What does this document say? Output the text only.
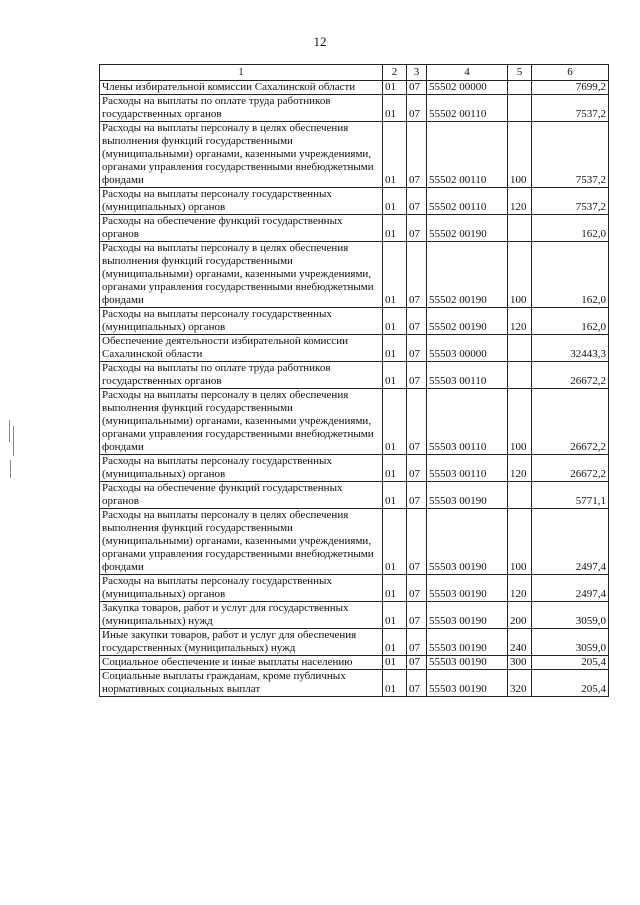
12
1	2	3	4	5	6
Члены избирательной комиссии Сахалинской области	01	07	55502 00000		7699,2
Расходы на выплаты по оплате труда работников государственных органов	01	07	55502 00110		7537,2
Расходы на выплаты персоналу в целях обеспечения выполнения функций государственными (муниципальными) органами, казенными учреждениями, органами управления государственными внебюджетными фондами	01	07	55502 00110	100	7537,2
Расходы на выплаты персоналу государственных (муниципальных) органов	01	07	55502 00110	120	7537,2
Расходы на обеспечение функций государственных органов	01	07	55502 00190		162,0
Расходы на выплаты персоналу в целях обеспечения выполнения функций государственными (муниципальными) органами, казенными учреждениями, органами управления государственными внебюджетными фондами	01	07	55502 00190	100	162,0
Расходы на выплаты персоналу государственных (муниципальных) органов	01	07	55502 00190	120	162,0
Обеспечение деятельности избирательной комиссии Сахалинской области	01	07	55503 00000		32443,3
Расходы на выплаты по оплате труда работников государственных органов	01	07	55503 00110		26672,2
Расходы на выплаты персоналу в целях обеспечения выполнения функций государственными (муниципальными) органами, казенными учреждениями, органами управления государственными внебюджетными фондами	01	07	55503 00110	100	26672,2
Расходы на выплаты персоналу государственных (муниципальных) органов	01	07	55503 00110	120	26672,2
Расходы на обеспечение функций государственных органов	01	07	55503 00190		5771,1
Расходы на выплаты персоналу в целях обеспечения выполнения функций государственными (муниципальными) органами, казенными учреждениями, органами управления государственными внебюджетными фондами	01	07	55503 00190	100	2497,4
Расходы на выплаты персоналу государственных (муниципальных) органов	01	07	55503 00190	120	2497,4
Закупка товаров, работ и услуг для государственных (муниципальных) нужд	01	07	55503 00190	200	3059,0
Иные закупки товаров, работ и услуг для обеспечения государственных (муниципальных) нужд	01	07	55503 00190	240	3059,0
Социальное обеспечение и иные выплаты населению	01	07	55503 00190	300	205,4
Социальные выплаты гражданам, кроме публичных нормативных социальных выплат	01	07	55503 00190	320	205,4
